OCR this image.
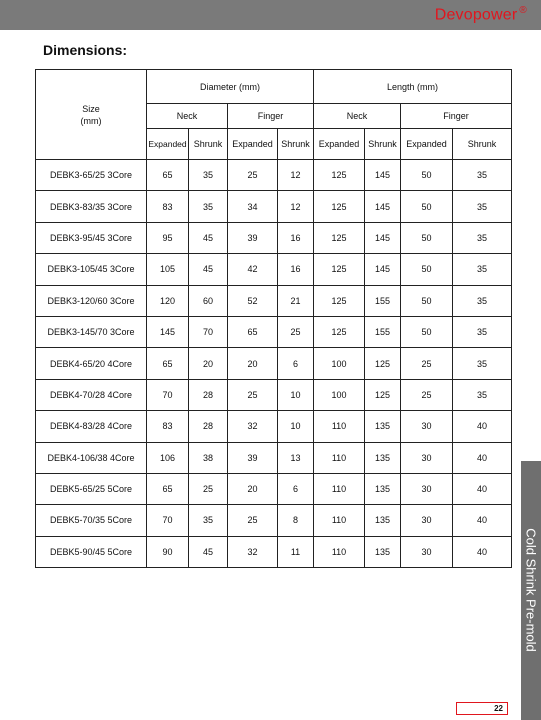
Devopower ®
Dimensions:
Size
(mm)	Diameter (mm)				Length (mm)			
	Neck		Finger		Neck		Finger	
	Expanded	Shrunk	Expanded	Shrunk	Expanded	Shrunk	Expanded	Shrunk
DEBK3-65/25 3Core	65	35	25	12	125	145	50	35
DEBK3-83/35 3Core	83	35	34	12	125	145	50	35
DEBK3-95/45 3Core	95	45	39	16	125	145	50	35
DEBK3-105/45 3Core	105	45	42	16	125	145	50	35
DEBK3-120/60 3Core	120	60	52	21	125	155	50	35
DEBK3-145/70 3Core	145	70	65	25	125	155	50	35
DEBK4-65/20 4Core	65	20	20	6	100	125	25	35
DEBK4-70/28 4Core	70	28	25	10	100	125	25	35
DEBK4-83/28 4Core	83	28	32	10	110	135	30	40
DEBK4-106/38 4Core	106	38	39	13	110	135	30	40
DEBK5-65/25 5Core	65	25	20	6	110	135	30	40
DEBK5-70/35 5Core	70	35	25	8	110	135	30	40
DEBK5-90/45 5Core	90	45	32	11	110	135	30	40	Cold Shrink Pre-mold
22
